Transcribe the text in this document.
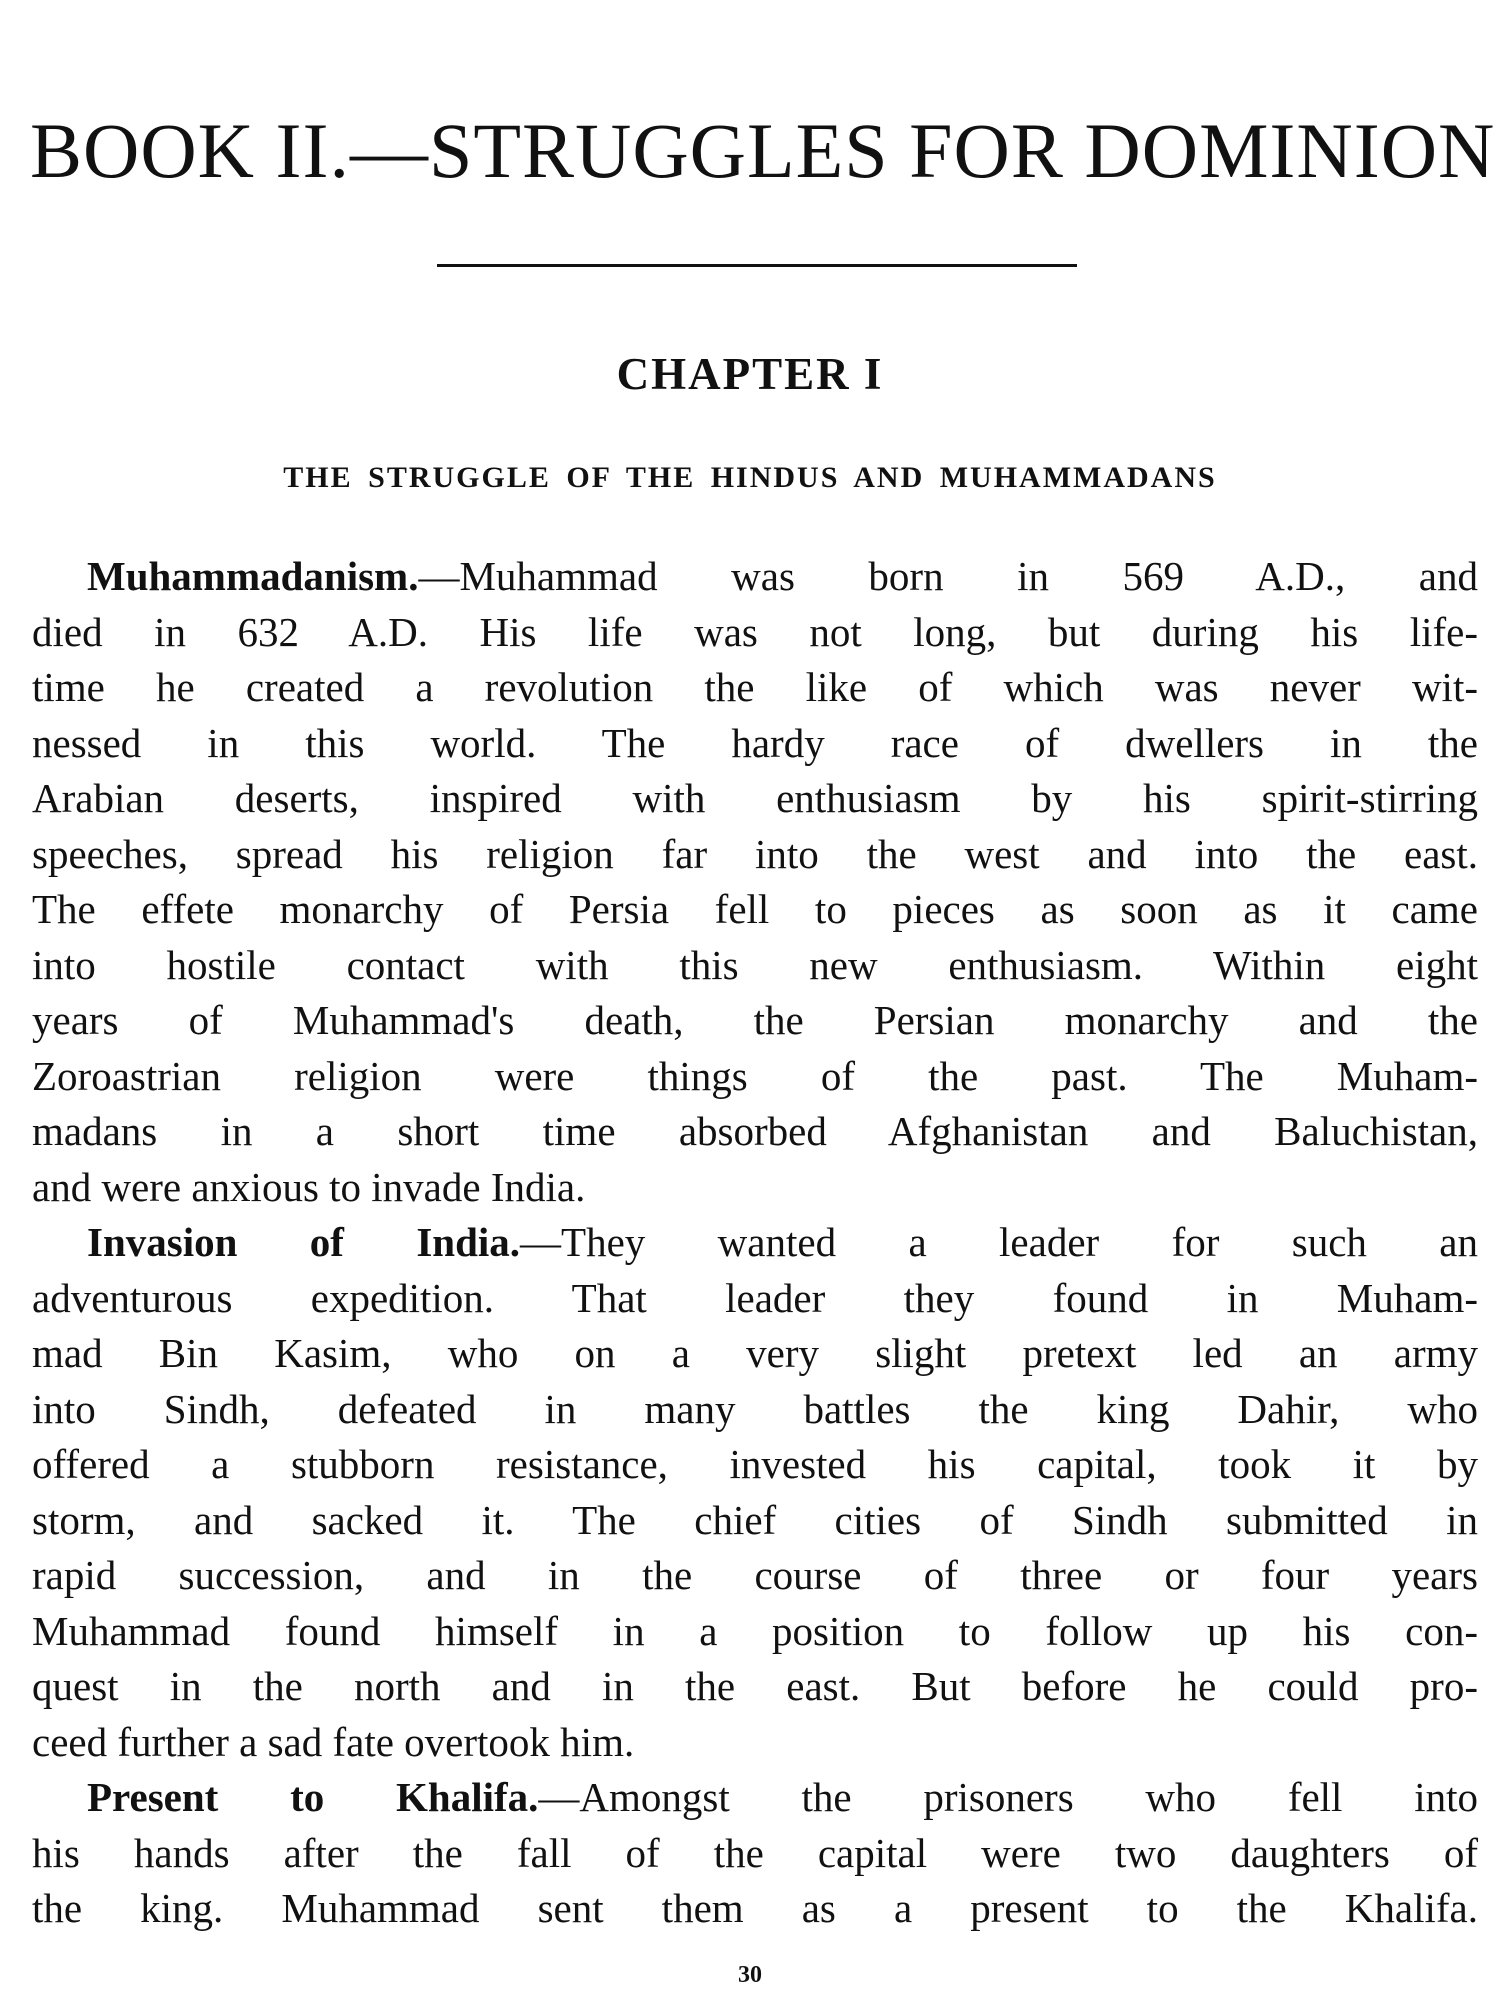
BOOK II.—STRUGGLES FOR DOMINION
CHAPTER I
THE STRUGGLE OF THE HINDUS AND MUHAMMADANS
Muhammadanism.—Muhammad was born in 569 A.D., and
died in 632 A.D. His life was not long, but during his life-
time he created a revolution the like of which was never wit-
nessed in this world. The hardy race of dwellers in the
Arabian deserts, inspired with enthusiasm by his spirit-stirring
speeches, spread his religion far into the west and into the east.
The effete monarchy of Persia fell to pieces as soon as it came
into hostile contact with this new enthusiasm. Within eight
years of Muhammad's death, the Persian monarchy and the
Zoroastrian religion were things of the past. The Muham-
madans in a short time absorbed Afghanistan and Baluchistan,
and were anxious to invade India.
Invasion of India.—They wanted a leader for such an
adventurous expedition. That leader they found in Muham-
mad Bin Kasim, who on a very slight pretext led an army
into Sindh, defeated in many battles the king Dahir, who
offered a stubborn resistance, invested his capital, took it by
storm, and sacked it. The chief cities of Sindh submitted in
rapid succession, and in the course of three or four years
Muhammad found himself in a position to follow up his con-
quest in the north and in the east. But before he could pro-
ceed further a sad fate overtook him.
Present to Khalifa.—Amongst the prisoners who fell into
his hands after the fall of the capital were two daughters of
the king. Muhammad sent them as a present to the Khalifa.
30
